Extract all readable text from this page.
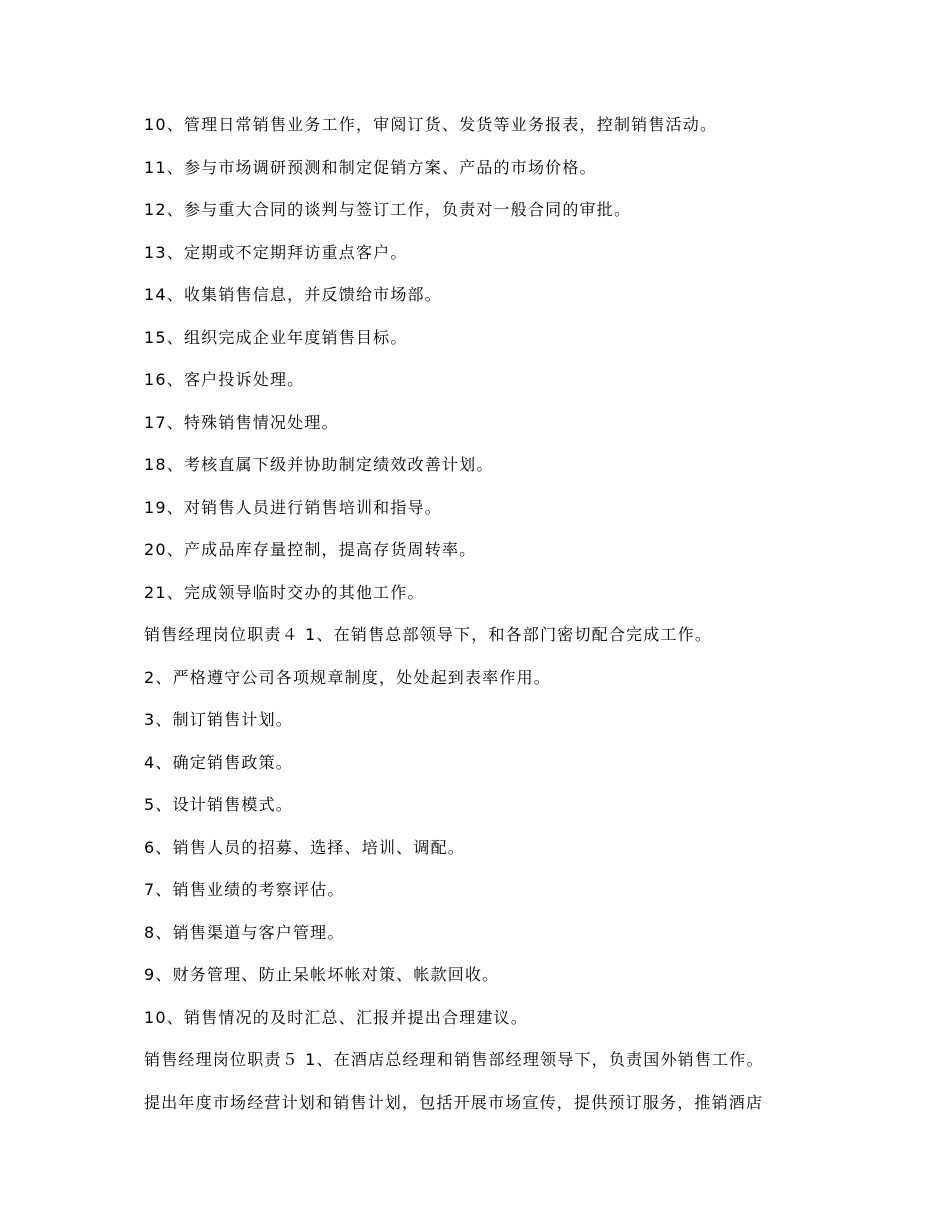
10、管理日常销售业务工作，审阅订货、发货等业务报表，控制销售活动。
11、参与市场调研预测和制定促销方案、产品的市场价格。
12、参与重大合同的谈判与签订工作，负责对一般合同的审批。
13、定期或不定期拜访重点客户。
14、收集销售信息，并反馈给市场部。
15、组织完成企业年度销售目标。
16、客户投诉处理。
17、特殊销售情况处理。
18、考核直属下级并协助制定绩效改善计划。
19、对销售人员进行销售培训和指导。
20、产成品库存量控制，提高存货周转率。
21、完成领导临时交办的其他工作。
销售经理岗位职责４ 1、在销售总部领导下，和各部门密切配合完成工作。
2、严格遵守公司各项规章制度，处处起到表率作用。
3、制订销售计划。
4、确定销售政策。
5、设计销售模式。
6、销售人员的招募、选择、培训、调配。
7、销售业绩的考察评估。
8、销售渠道与客户管理。
9、财务管理、防止呆帐坏帐对策、帐款回收。
10、销售情况的及时汇总、汇报并提出合理建议。
销售经理岗位职责５ 1、在酒店总经理和销售部经理领导下，负责国外销售工作。
提出年度市场经营计划和销售计划，包括开展市场宣传，提供预订服务，推销酒店
